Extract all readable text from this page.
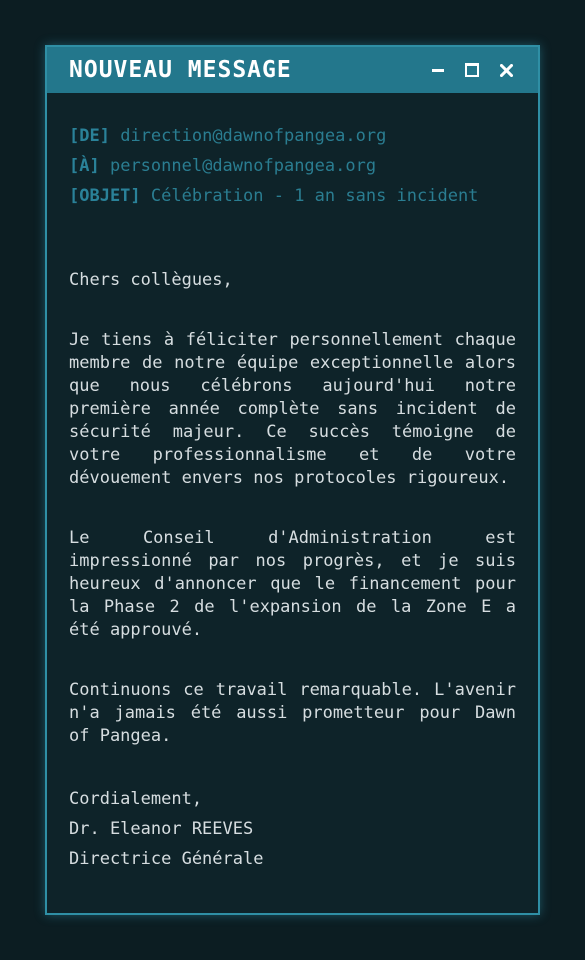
NOUVEAU MESSAGE
[DE] direction@dawnofpangea.org
[À] personnel@dawnofpangea.org
[OBJET] Célébration - 1 an sans incident
Chers collègues,

Je tiens à féliciter personnellement chaque membre de notre équipe exceptionnelle alors que nous célébrons aujourd'hui notre première année complète sans incident de sécurité majeur. Ce succès témoigne de votre professionnalisme et de votre dévouement envers nos protocoles rigoureux.

Le Conseil d'Administration est impressionné par nos progrès, et je suis heureux d'annoncer que le financement pour la Phase 2 de l'expansion de la Zone E a été approuvé.

Continuons ce travail remarquable. L'avenir n'a jamais été aussi prometteur pour Dawn of Pangea.

Cordialement,
Dr. Eleanor REEVES
Directrice Générale
